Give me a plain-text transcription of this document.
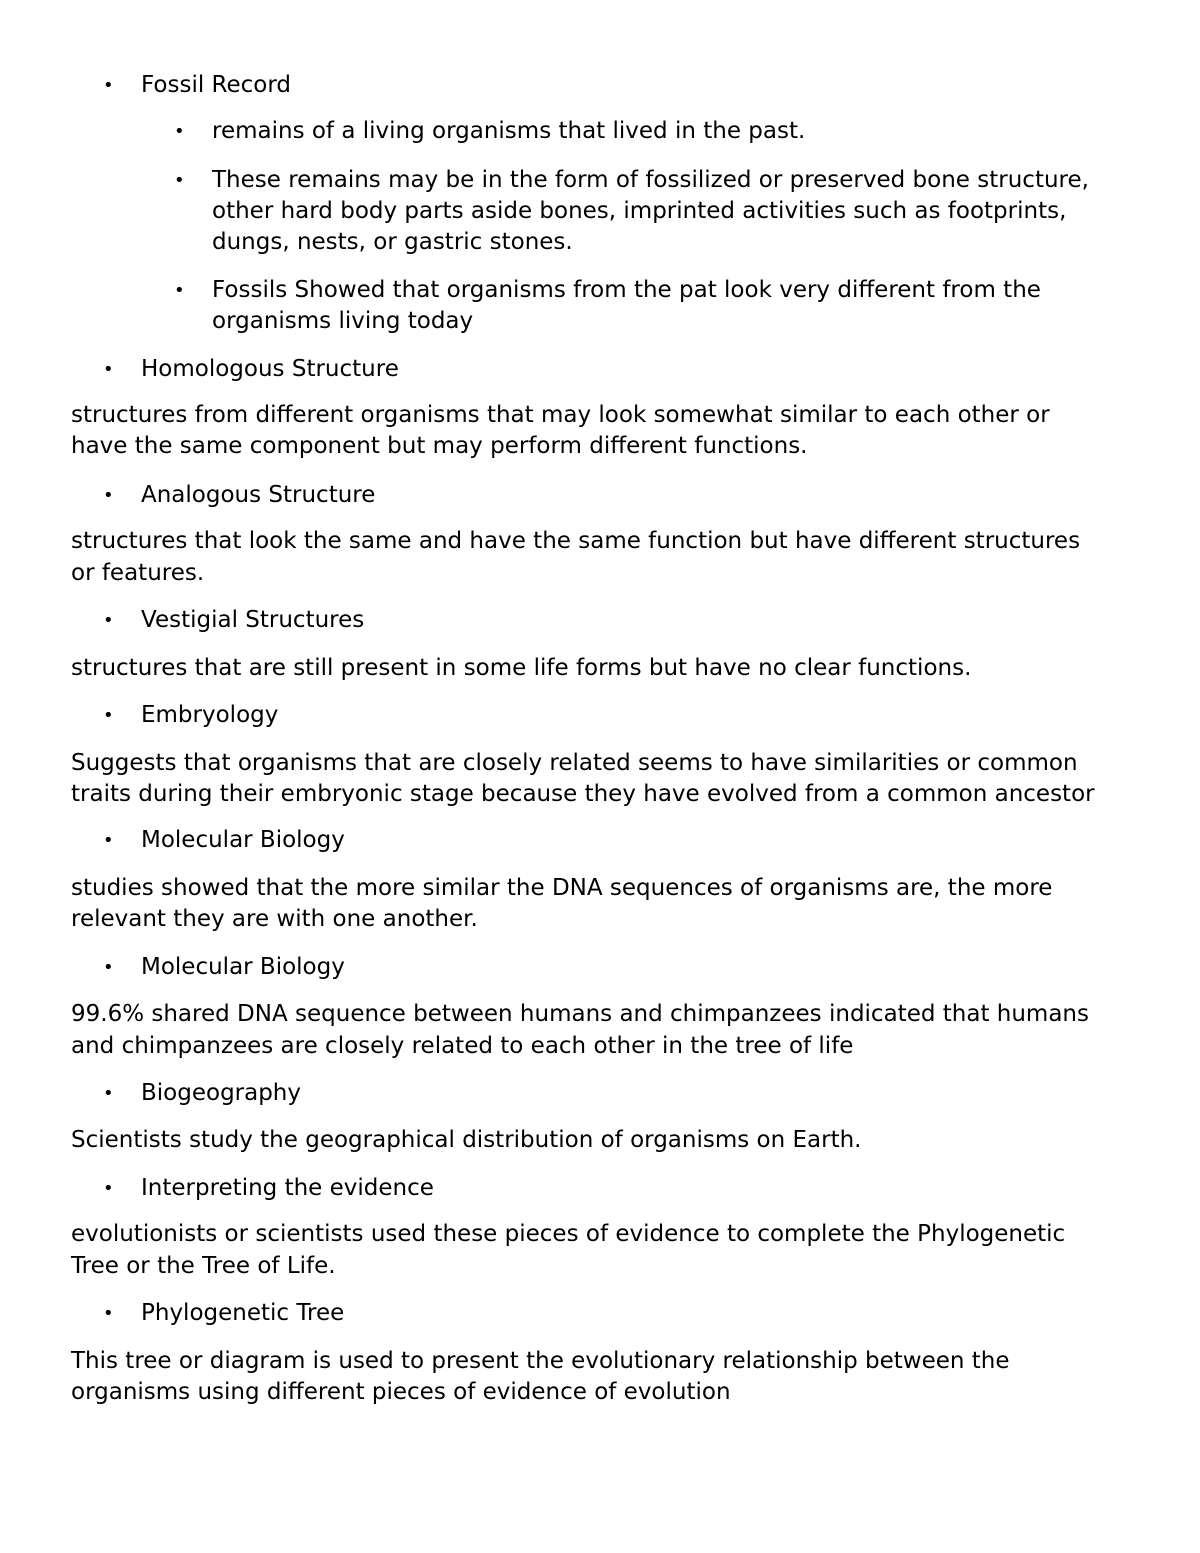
• Fossil Record
• remains of a living organisms that lived in the past.
• These remains may be in the form of fossilized or preserved bone structure,
other hard body parts aside bones, imprinted activities such as footprints,
dungs, nests, or gastric stones.
• Fossils Showed that organisms from the pat look very different from the
organisms living today
• Homologous Structure
structures from different organisms that may look somewhat similar to each other or
have the same component but may perform different functions.
• Analogous Structure
structures that look the same and have the same function but have different structures
or features.
• Vestigial Structures
structures that are still present in some life forms but have no clear functions.
• Embryology
Suggests that organisms that are closely related seems to have similarities or common
traits during their embryonic stage because they have evolved from a common ancestor
• Molecular Biology
studies showed that the more similar the DNA sequences of organisms are, the more
relevant they are with one another.
• Molecular Biology
99.6% shared DNA sequence between humans and chimpanzees indicated that humans
and chimpanzees are closely related to each other in the tree of life
• Biogeography
Scientists study the geographical distribution of organisms on Earth.
• Interpreting the evidence
evolutionists or scientists used these pieces of evidence to complete the Phylogenetic
Tree or the Tree of Life.
• Phylogenetic Tree
This tree or diagram is used to present the evolutionary relationship between the
organisms using different pieces of evidence of evolution
